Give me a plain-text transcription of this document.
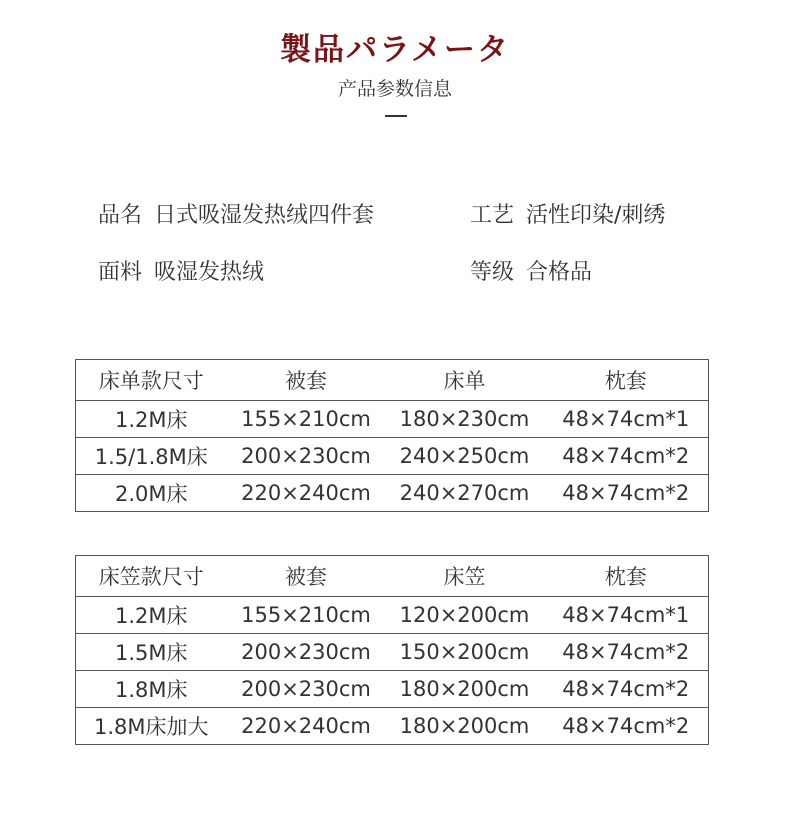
製品パラメータ
产品参数信息
品名 日式吸湿发热绒四件套	工艺 活性印染/刺绣
面料 吸湿发热绒	等级 合格品
床单款尺寸	被套	床单	枕套
1.2M床	155×210cm	180×230cm	48×74cm*1
1.5/1.8M床	200×230cm	240×250cm	48×74cm*2
2.0M床	220×240cm	240×270cm	48×74cm*2
床笠款尺寸	被套	床笠	枕套
1.2M床	155×210cm	120×200cm	48×74cm*1
1.5M床	200×230cm	150×200cm	48×74cm*2
1.8M床	200×230cm	180×200cm	48×74cm*2
1.8M床加大	220×240cm	180×200cm	48×74cm*2
